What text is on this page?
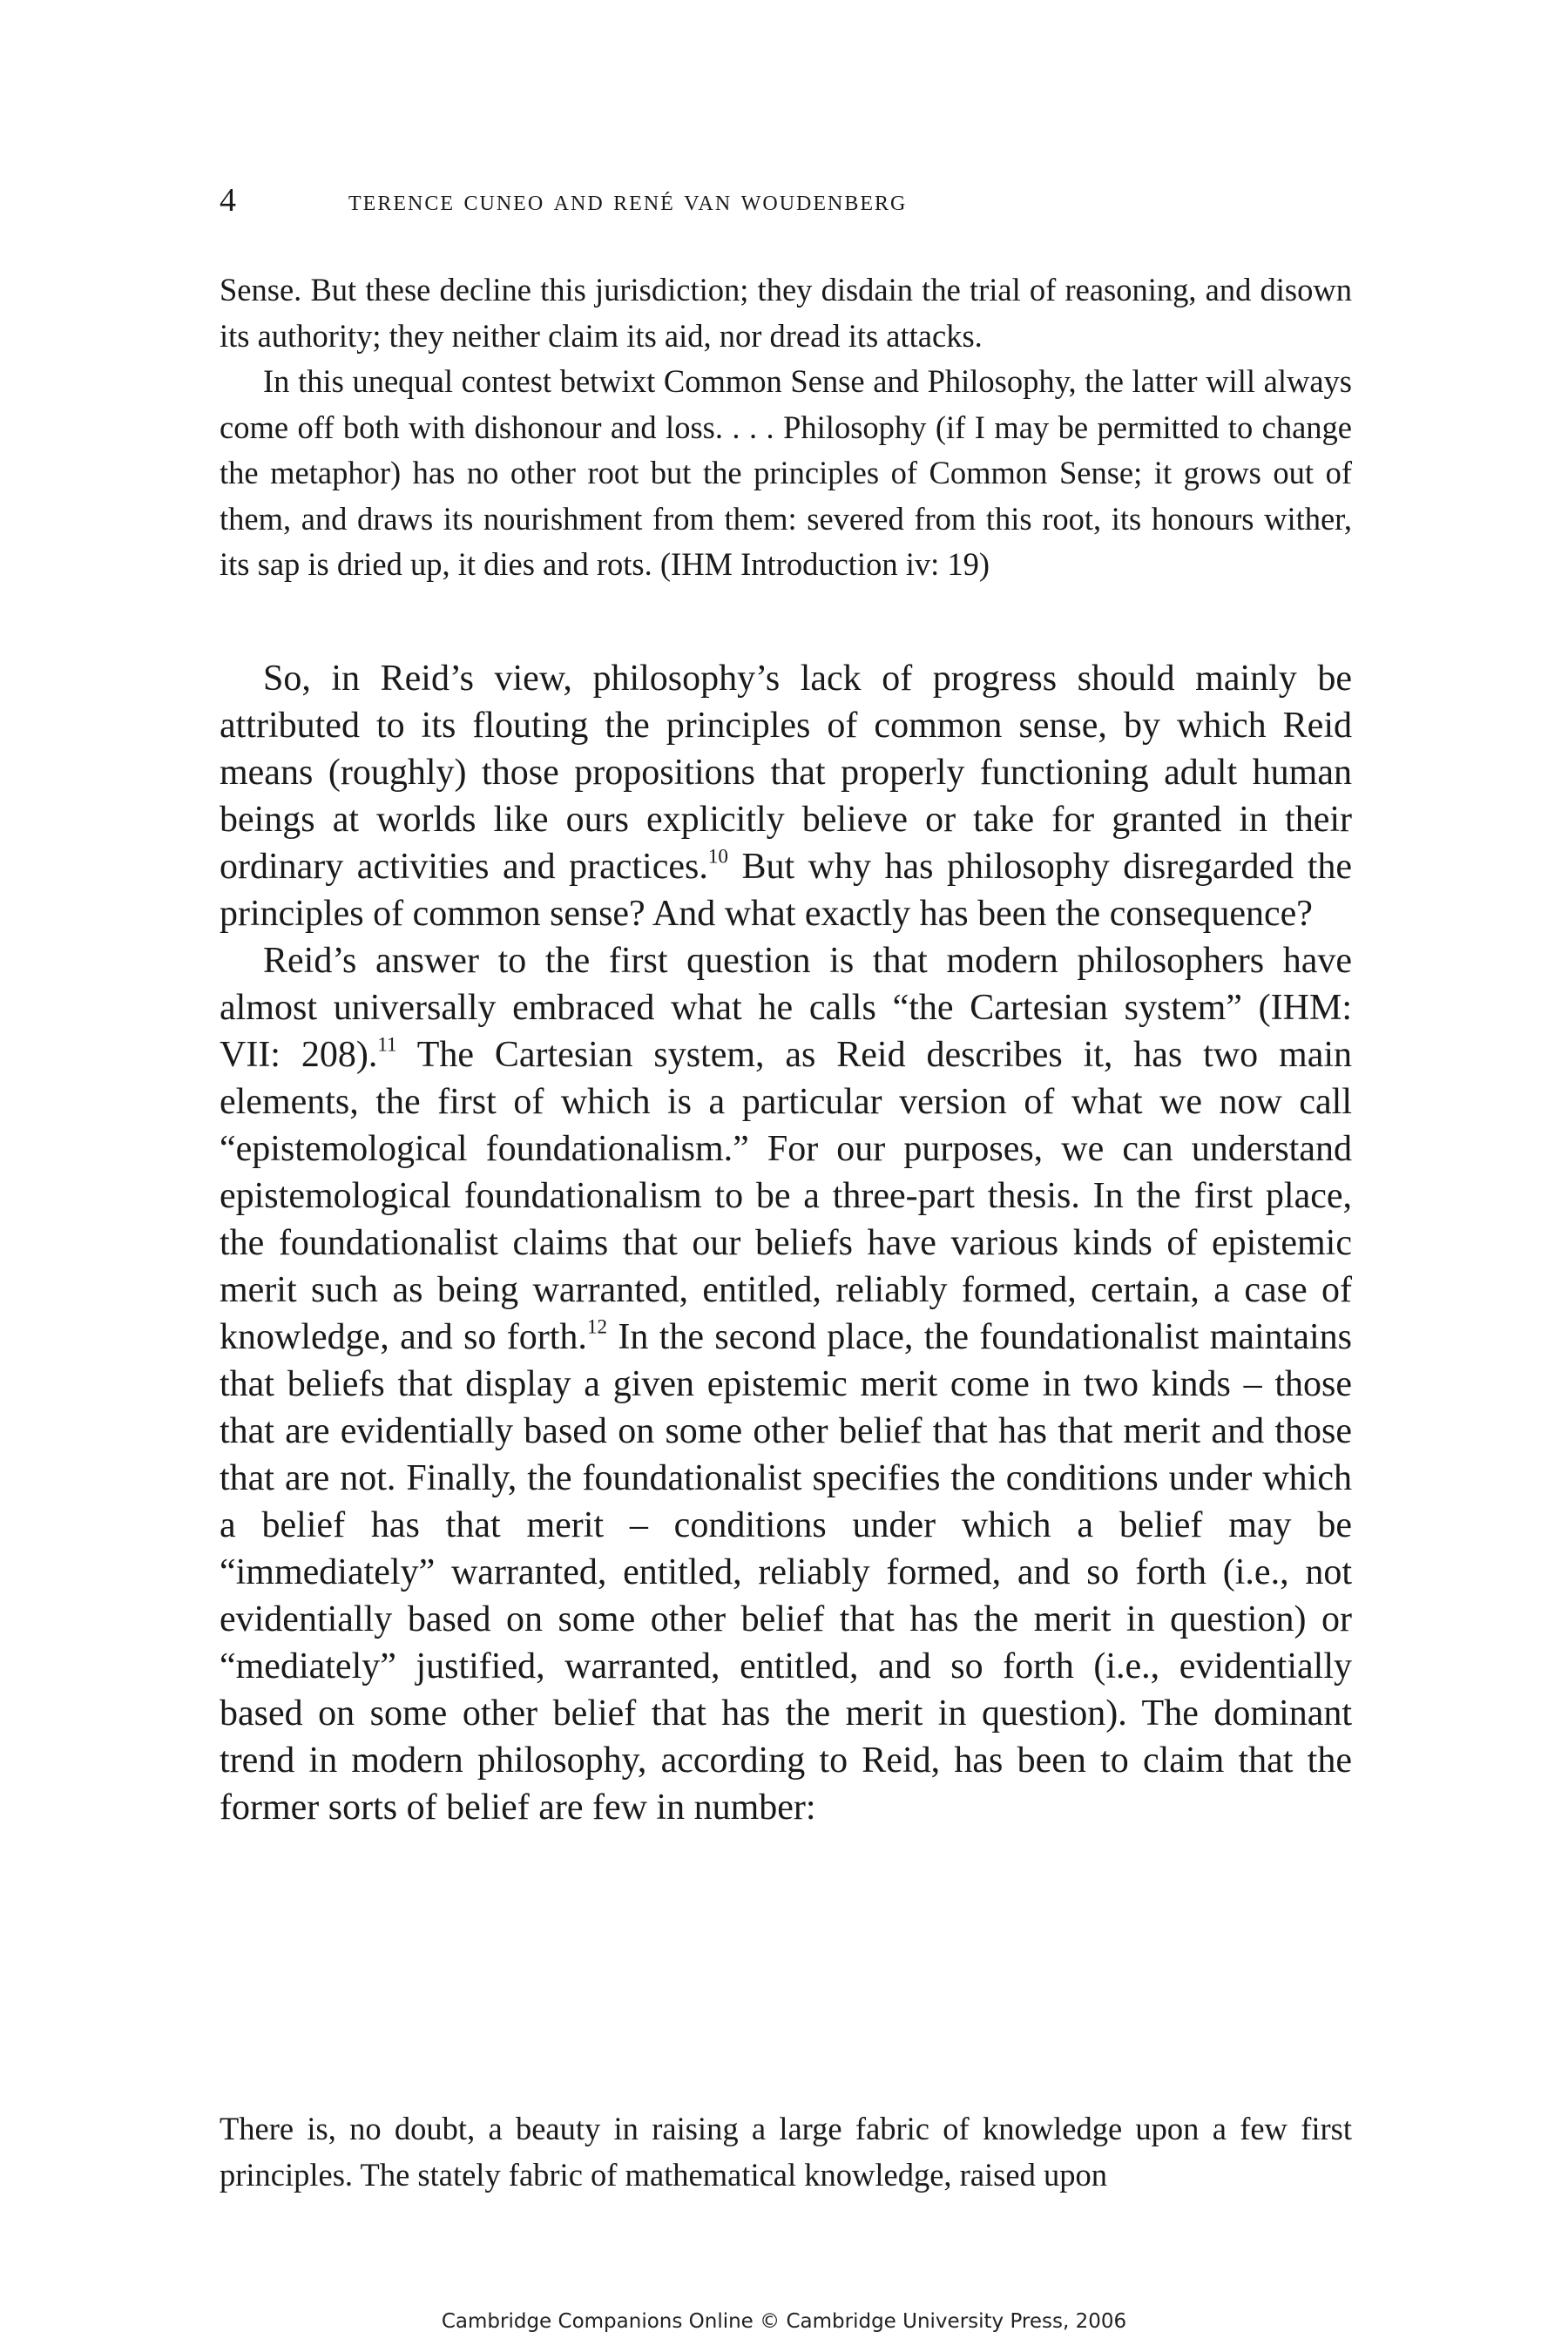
4	terence cuneo and rené van woudenberg

Sense. But these decline this jurisdiction; they disdain the trial of reasoning, and disown its authority; they neither claim its aid, nor dread its attacks.

In this unequal contest betwixt Common Sense and Philosophy, the latter will always come off both with dishonour and loss. . . . Philosophy (if I may be permitted to change the metaphor) has no other root but the principles of Common Sense; it grows out of them, and draws its nourishment from them: severed from this root, its honours wither, its sap is dried up, it dies and rots. (IHM Introduction iv: 19)

So, in Reid’s view, philosophy’s lack of progress should mainly be attributed to its flouting the principles of common sense, by which Reid means (roughly) those propositions that properly functioning adult human beings at worlds like ours explicitly believe or take for granted in their ordinary activities and practices.$^{10}$ But why has philosophy disregarded the principles of common sense? And what exactly has been the consequence?

Reid’s answer to the first question is that modern philosophers have almost universally embraced what he calls “the Cartesian system” (IHM: VII: 208).$^{11}$ The Cartesian system, as Reid describes it, has two main elements, the first of which is a particular version of what we now call “epistemological foundationalism.” For our purposes, we can understand epistemological foundationalism to be a three-part thesis. In the first place, the foundationalist claims that our beliefs have various kinds of epistemic merit such as being warranted, entitled, reliably formed, certain, a case of knowledge, and so forth.$^{12}$ In the second place, the foundationalist maintains that beliefs that display a given epistemic merit come in two kinds – those that are evidentially based on some other belief that has that merit and those that are not. Finally, the foundationalist specifies the conditions under which a belief has that merit – conditions under which a belief may be “immediately” warranted, entitled, reliably formed, and so forth (i.e., not evidentially based on some other belief that has the merit in question) or “mediately” justified, warranted, entitled, and so forth (i.e., evidentially based on some other belief that has the merit in question). The dominant trend in modern philosophy, according to Reid, has been to claim that the former sorts of belief are few in number:

There is, no doubt, a beauty in raising a large fabric of knowledge upon a few first principles. The stately fabric of mathematical knowledge, raised upon

Cambridge Companions Online © Cambridge University Press, 2006
